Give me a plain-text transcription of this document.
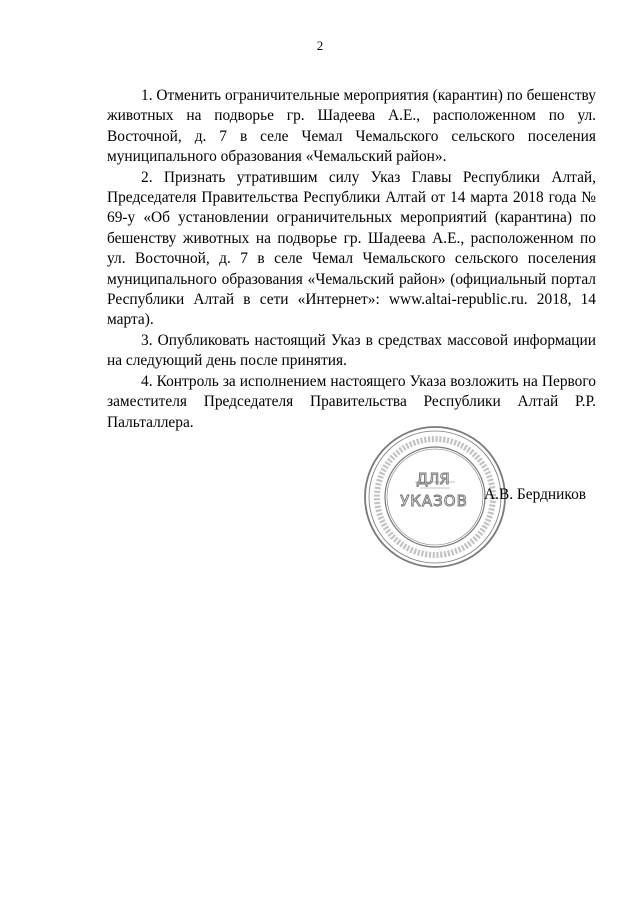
2

1. Отменить ограничительные мероприятия (карантин) по бешенству животных на подворье гр. Шадеева А.Е., расположенном по ул. Восточной, д. 7 в селе Чемал Чемальского сельского поселения муниципального образования «Чемальский район».

2. Признать утратившим силу Указ Главы Республики Алтай, Председателя Правительства Республики Алтай от 14 марта 2018 года № 69-у «Об установлении ограничительных мероприятий (карантина) по бешенству животных на подворье гр. Шадеева А.Е., расположенном по ул. Восточной, д. 7 в селе Чемал Чемальского сельского поселения муниципального образования «Чемальский район» (официальный портал Республики Алтай в сети «Интернет»: www.altai-republic.ru. 2018, 14 марта).

3. Опубликовать настоящий Указ в средствах массовой информации на следующий день после принятия.

4. Контроль за исполнением настоящего Указа возложить на Первого заместителя Председателя Правительства Республики Алтай Р.Р. Пальталлера.

ДЛЯ
УКАЗОВ А.В. Бердников
